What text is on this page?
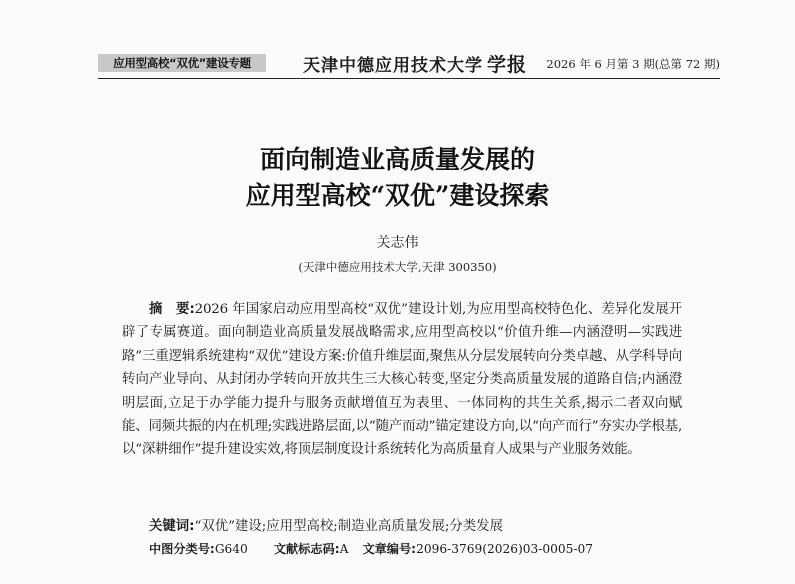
应用型高校“双优”建设专题	天津中德应用技术大学 学报 2026 年 6 月第 3 期(总第 72 期)
面向制造业高质量发展的
应用型高校“双优”建设探索
关志伟
(天津中德应用技术大学,天津 300350)
摘　要:2026 年国家启动应用型高校“双优”建设计划,为应用型高校特色化、差异化发展开辟了专属赛道。面向制造业高质量发展战略需求,应用型高校以“价值升维—内涵澄明—实践进路”三重逻辑系统建构“双优”建设方案:价值升维层面,聚焦从分层发展转向分类卓越、从学科导向转向产业导向、从封闭办学转向开放共生三大核心转变,坚定分类高质量发展的道路自信;内涵澄明层面,立足于办学能力提升与服务贡献增值互为表里、一体同构的共生关系,揭示二者双向赋能、同频共振的内在机理;实践进路层面,以“随产而动”锚定建设方向,以“向产而行”夯实办学根基,以“深耕细作”提升建设实效,将顶层制度设计系统转化为高质量育人成果与产业服务效能。
关键词:“双优”建设;应用型高校;制造业高质量发展;分类发展
中图分类号:G640 文献标志码:A 文章编号:2096-3769(2026)03-0005-07
